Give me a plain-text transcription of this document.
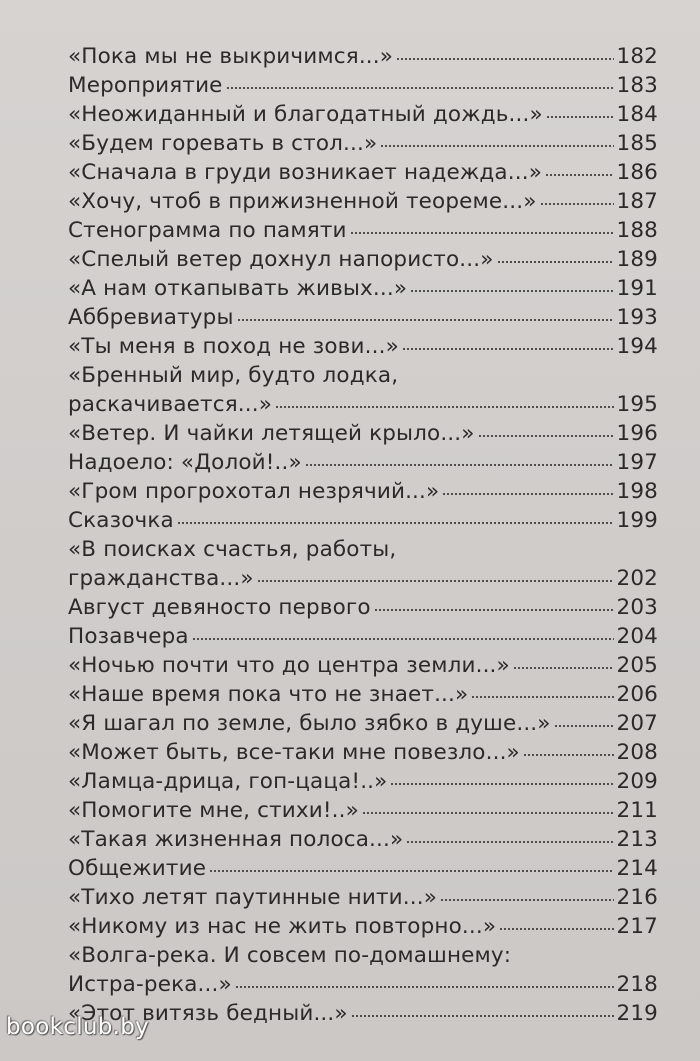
«Пока мы не выкричимся...»	182
Мероприятие	183
«Неожиданный и благодатный дождь...»	184
«Будем горевать в стол...»	185
«Сначала в груди возникает надежда...»	186
«Хочу, чтоб в прижизненной теореме...»	187
Стенограмма по памяти	188
«Спелый ветер дохнул напористо...»	189
«А нам откапывать живых...»	191
Аббревиатуры	193
«Ты меня в поход не зови...»	194
«Бренный мир, будто лодка,
раскачивается...»	195
«Ветер. И чайки летящей крыло...»	196
Надоело: «Долой!..»	197
«Гром прогрохотал незрячий...»	198
Сказочка	199
«В поисках счастья, работы,
гражданства...»	202
Август девяносто первого	203
Позавчера	204
«Ночью почти что до центра земли...»	205
«Наше время пока что не знает...»	206
«Я шагал по земле, было зябко в душе...»	207
«Может быть, все-таки мне повезло...»	208
«Ламца-дрица, гоп-цаца!..»	209
«Помогите мне, стихи!..»	211
«Такая жизненная полоса...»	213
Общежитие	214
«Тихо летят паутинные нити...»	216
«Никому из нас не жить повторно...»	217
«Волга-река. И совсем по-домашнему:
Истра-река...»	218
«Этот витязь бедный...»	219
bookclub.by
